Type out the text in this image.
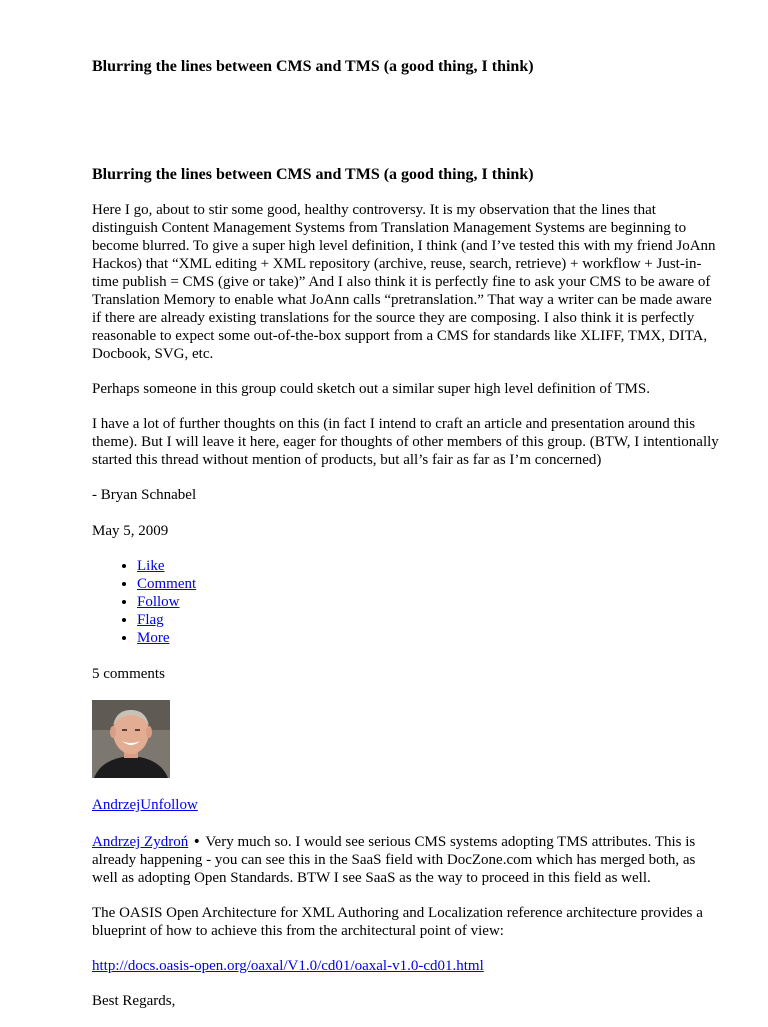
Blurring the lines between CMS and TMS (a good thing, I think)
Blurring the lines between CMS and TMS (a good thing, I think)

Here I go, about to stir some good, healthy controversy. It is my observation that the lines that distinguish Content Management Systems from Translation Management Systems are beginning to become blurred. To give a super high level definition, I think (and I’ve tested this with my friend JoAnn Hackos) that “XML editing + XML repository (archive, reuse, search, retrieve) + workflow + Just-in-time publish = CMS (give or take)” And I also think it is perfectly fine to ask your CMS to be aware of Translation Memory to enable what JoAnn calls “pretranslation.” That way a writer can be made aware if there are already existing translations for the source they are composing. I also think it is perfectly reasonable to expect some out-of-the-box support from a CMS for standards like XLIFF, TMX, DITA, Docbook, SVG, etc.

Perhaps someone in this group could sketch out a similar super high level definition of TMS.

I have a lot of further thoughts on this (in fact I intend to craft an article and presentation around this theme). But I will leave it here, eager for thoughts of other members of this group. (BTW, I intentionally started this thread without mention of products, but all’s fair as far as I’m concerned)

- Bryan Schnabel

May 5, 2009

• Like
• Comment
• Follow
• Flag
• More

5 comments

AndrzejUnfollow

Andrzej Zydroń • Very much so. I would see serious CMS systems adopting TMS attributes. This is already happening - you can see this in the SaaS field with DocZone.com which has merged both, as well as adopting Open Standards. BTW I see SaaS as the way to proceed in this field as well.

The OASIS Open Architecture for XML Authoring and Localization reference architecture provides a blueprint of how to achieve this from the architectural point of view:

http://docs.oasis-open.org/oaxal/V1.0/cd01/oaxal-v1.0-cd01.html

Best Regards,
